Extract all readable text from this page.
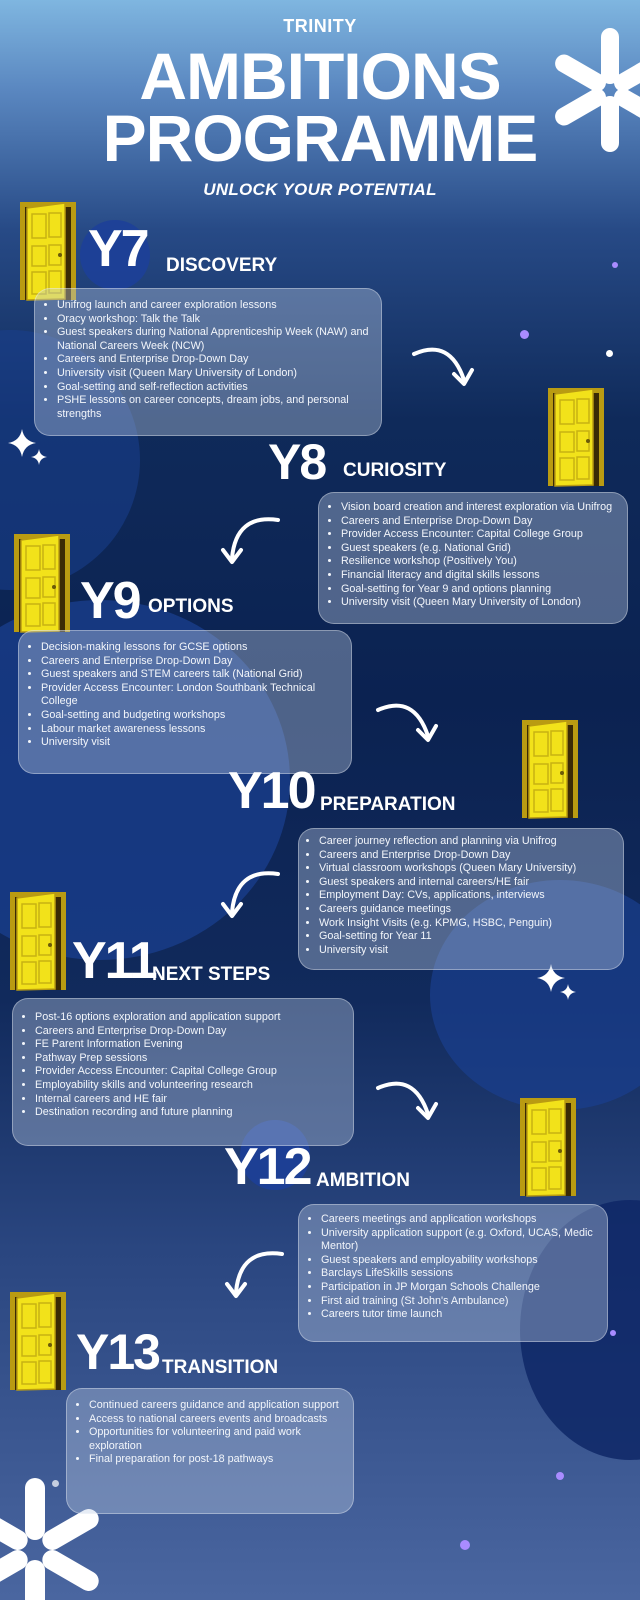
TRINITY
AMBITIONS
PROGRAMME
UNLOCK YOUR POTENTIAL
Y7 DISCOVERY
• Unifrog launch and career exploration lessons
• Oracy workshop: Talk the Talk
• Guest speakers during National Apprenticeship Week (NAW) and National Careers Week (NCW)
• Careers and Enterprise Drop-Down Day
• University visit (Queen Mary University of London)
• Goal-setting and self-reflection activities
• PSHE lessons on career concepts, dream jobs, and personal strengths
Y8 CURIOSITY
• Vision board creation and interest exploration via Unifrog
• Careers and Enterprise Drop-Down Day
• Provider Access Encounter: Capital College Group
• Guest speakers (e.g. National Grid)
• Resilience workshop (Positively You)
• Financial literacy and digital skills lessons
• Goal-setting for Year 9 and options planning
• University visit (Queen Mary University of London)
Y9 OPTIONS
• Decision-making lessons for GCSE options
• Careers and Enterprise Drop-Down Day
• Guest speakers and STEM careers talk (National Grid)
• Provider Access Encounter: London Southbank Technical College
• Goal-setting and budgeting workshops
• Labour market awareness lessons
• University visit
Y10 PREPARATION
• Career journey reflection and planning via Unifrog
• Careers and Enterprise Drop-Down Day
• Virtual classroom workshops (Queen Mary University)
• Guest speakers and internal careers/HE fair
• Employment Day: CVs, applications, interviews
• Careers guidance meetings
• Work Insight Visits (e.g. KPMG, HSBC, Penguin)
• Goal-setting for Year 11
• University visit
Y11
NEXT STEPS
• Post-16 options exploration and application support
• Careers and Enterprise Drop-Down Day
• FE Parent Information Evening
• Pathway Prep sessions
• Provider Access Encounter: Capital College Group
• Employability skills and volunteering research
• Internal careers and HE fair
• Destination recording and future planning
Y12 AMBITION
• Careers meetings and application workshops
• University application support (e.g. Oxford, UCAS, Medic Mentor)
• Guest speakers and employability workshops
• Barclays LifeSkills sessions
• Participation in JP Morgan Schools Challenge
• First aid training (St John's Ambulance)
• Careers tutor time launch
Y13 TRANSITION
• Continued careers guidance and application support
• Access to national careers events and broadcasts
• Opportunities for volunteering and paid work exploration
• Final preparation for post-18 pathways
